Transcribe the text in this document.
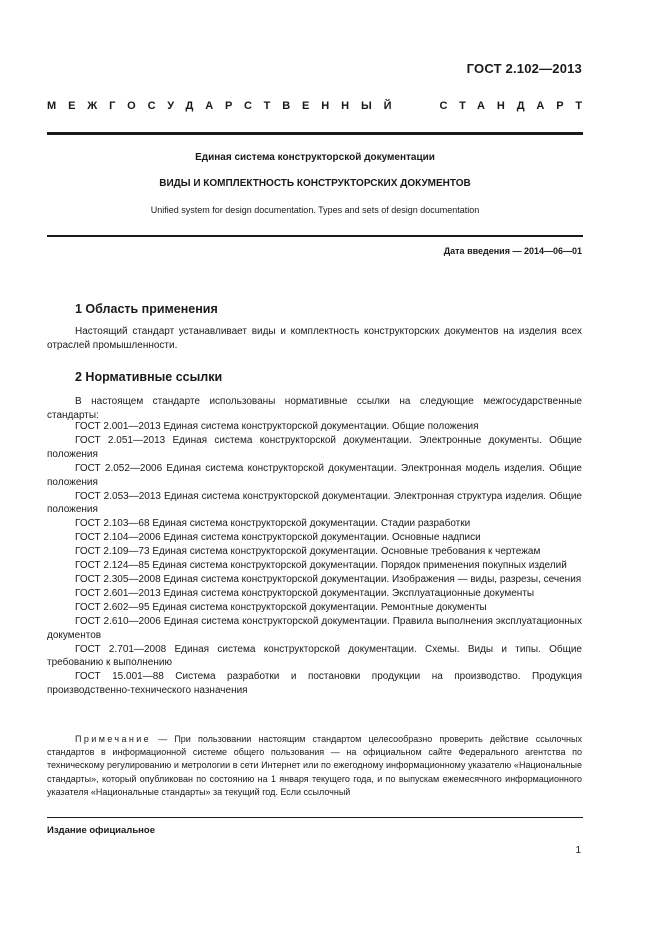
ГОСТ 2.102—2013
МЕЖГОСУДАРСТВЕННЫЙ	СТАНДАРТ
Единая система конструкторской документации
ВИДЫ И КОМПЛЕКТНОСТЬ КОНСТРУКТОРСКИХ ДОКУМЕНТОВ
Unified system for design documentation. Types and sets of design documentation
Дата введения — 2014—06—01
1 Область применения
Настоящий стандарт устанавливает виды и комплектность конструкторских документов на изделия всех отраслей промышленности.
2 Нормативные ссылки
В настоящем стандарте использованы нормативные ссылки на следующие межгосударственные стандарты:
ГОСТ 2.001—2013 Единая система конструкторской документации. Общие положения
ГОСТ 2.051—2013 Единая система конструкторской документации. Электронные документы. Общие положения
ГОСТ 2.052—2006 Единая система конструкторской документации. Электронная модель изделия. Общие положения
ГОСТ 2.053—2013 Единая система конструкторской документации. Электронная структура изделия. Общие положения
ГОСТ 2.103—68 Единая система конструкторской документации. Стадии разработки
ГОСТ 2.104—2006 Единая система конструкторской документации. Основные надписи
ГОСТ 2.109—73 Единая система конструкторской документации. Основные требования к чертежам
ГОСТ 2.124—85 Единая система конструкторской документации. Порядок применения покупных изделий
ГОСТ 2.305—2008 Единая система конструкторской документации. Изображения — виды, разрезы, сечения
ГОСТ 2.601—2013 Единая система конструкторской документации. Эксплуатационные документы
ГОСТ 2.602—95 Единая система конструкторской документации. Ремонтные документы
ГОСТ 2.610—2006 Единая система конструкторской документации. Правила выполнения эксплуатационных документов
ГОСТ 2.701—2008 Единая система конструкторской документации. Схемы. Виды и типы. Общие требованию к выполнению
ГОСТ 15.001—88 Система разработки и постановки продукции на производство. Продукция производственно-технического назначения
Примечание — При пользовании настоящим стандартом целесообразно проверить действие ссылочных стандартов в информационной системе общего пользования — на официальном сайте Федерального агентства по техническому регулированию и метрологии в сети Интернет или по ежегодному информационному указателю «Национальные стандарты», который опубликован по состоянию на 1 января текущего года, и по выпускам ежемесячного информационного указателя «Национальные стандарты» за текущий год. Если ссылочный
Издание официальное
1
